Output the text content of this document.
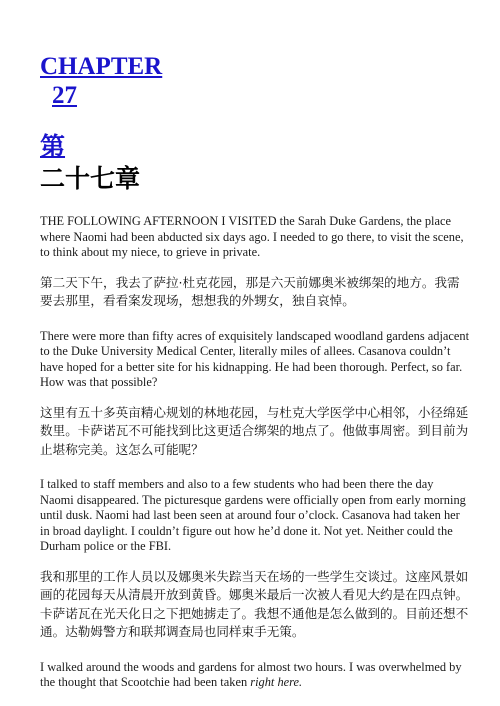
CHAPTER
27
第
二十七章

THE FOLLOWING AFTERNOON I VISITED the Sarah Duke Gardens, the place where Naomi had been abducted six days ago. I needed to go there, to visit the scene, to think about my niece, to grieve in private.

第二天下午，我去了萨拉·杜克花园，那是六天前娜奥米被绑架的地方。我需要去那里，看看案发现场，想想我的外甥女，独自哀悼。

There were more than fifty acres of exquisitely landscaped woodland gardens adjacent to the Duke University Medical Center, literally miles of allees. Casanova couldn’t have hoped for a better site for his kidnapping. He had been thorough. Perfect, so far. How was that possible?

这里有五十多英亩精心规划的林地花园，与杜克大学医学中心相邻，小径绵延数里。卡萨诺瓦不可能找到比这更适合绑架的地点了。他做事周密。到目前为止堪称完美。这怎么可能呢？

I talked to staff members and also to a few students who had been there the day Naomi disappeared. The picturesque gardens were officially open from early morning until dusk. Naomi had last been seen at around four o’clock. Casanova had taken her in broad daylight. I couldn’t figure out how he’d done it. Not yet. Neither could the Durham police or the FBI.

我和那里的工作人员以及娜奥米失踪当天在场的一些学生交谈过。这座风景如画的花园每天从清晨开放到黄昏。娜奥米最后一次被人看见大约是在四点钟。卡萨诺瓦在光天化日之下把她掳走了。我想不通他是怎么做到的。目前还想不通。达勒姆警方和联邦调查局也同样束手无策。

I walked around the woods and gardens for almost two hours. I was overwhelmed by the thought that Scootchie had been taken right here.
